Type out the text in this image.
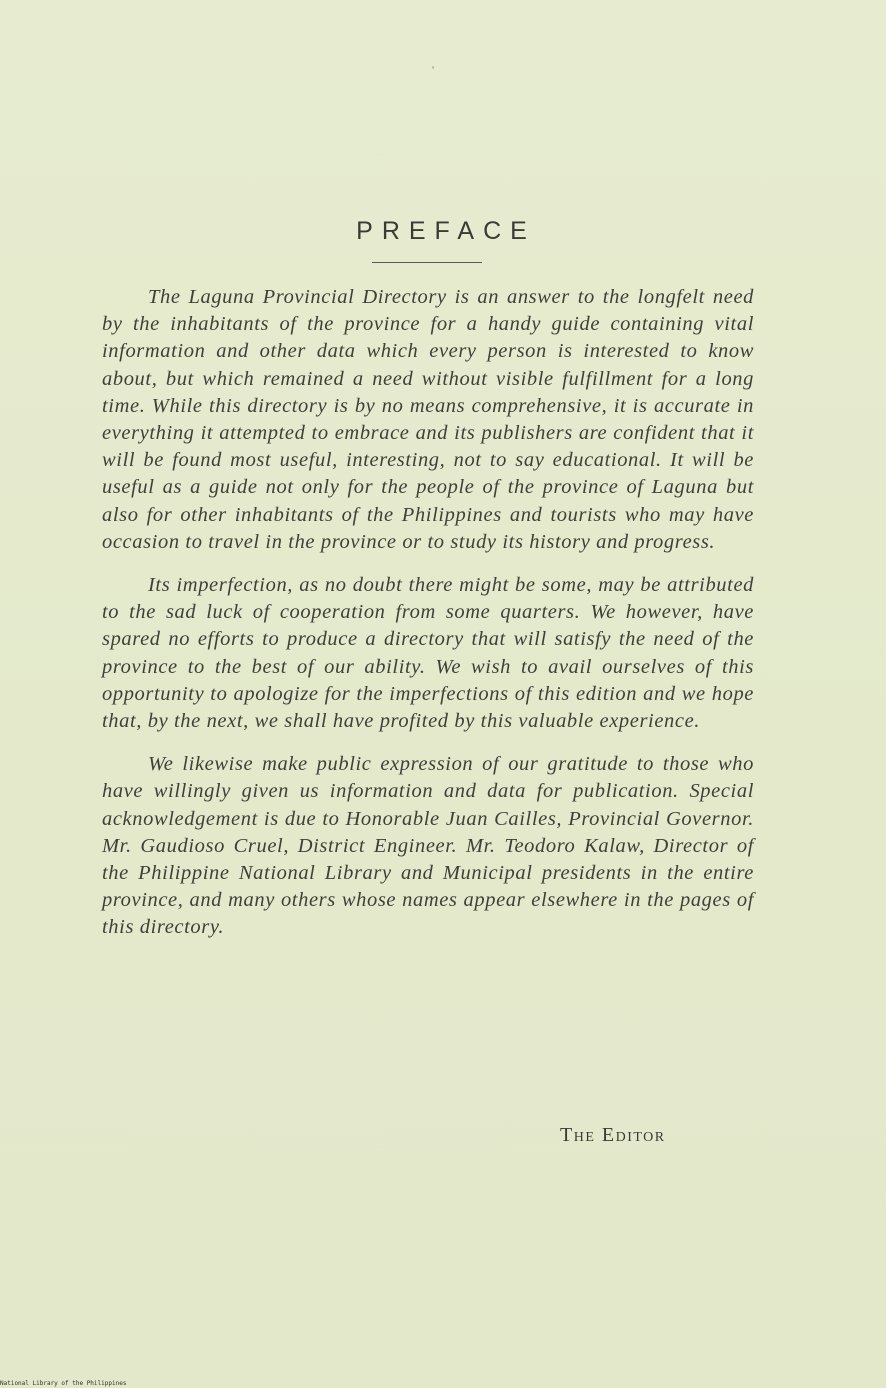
PREFACE

The Laguna Provincial Directory is an answer to the longfelt need by the inhabitants of the province for a handy guide containing vital information and other data which every person is interested to know about, but which remained a need without visible fulfillment for a long time. While this directory is by no means comprehensive, it is accurate in everything it attempted to embrace and its publishers are confident that it will be found most useful, interesting, not to say educational. It will be useful as a guide not only for the people of the province of Laguna but also for other inhabitants of the Philippines and tourists who may have occasion to travel in the province or to study its history and progress.

Its imperfection, as no doubt there might be some, may be attributed to the sad luck of cooperation from some quarters. We however, have spared no efforts to produce a directory that will satisfy the need of the province to the best of our ability. We wish to avail ourselves of this opportunity to apologize for the imperfections of this edition and we hope that, by the next, we shall have profited by this valuable experience.

We likewise make public expression of our gratitude to those who have willingly given us information and data for publication. Special acknowledgement is due to Honorable Juan Cailles, Provincial Governor. Mr. Gaudioso Cruel, District Engineer. Mr. Teodoro Kalaw, Director of the Philippine National Library and Municipal presidents in the entire province, and many others whose names appear elsewhere in the pages of this directory.

The Editor
National Library of the Philippines
